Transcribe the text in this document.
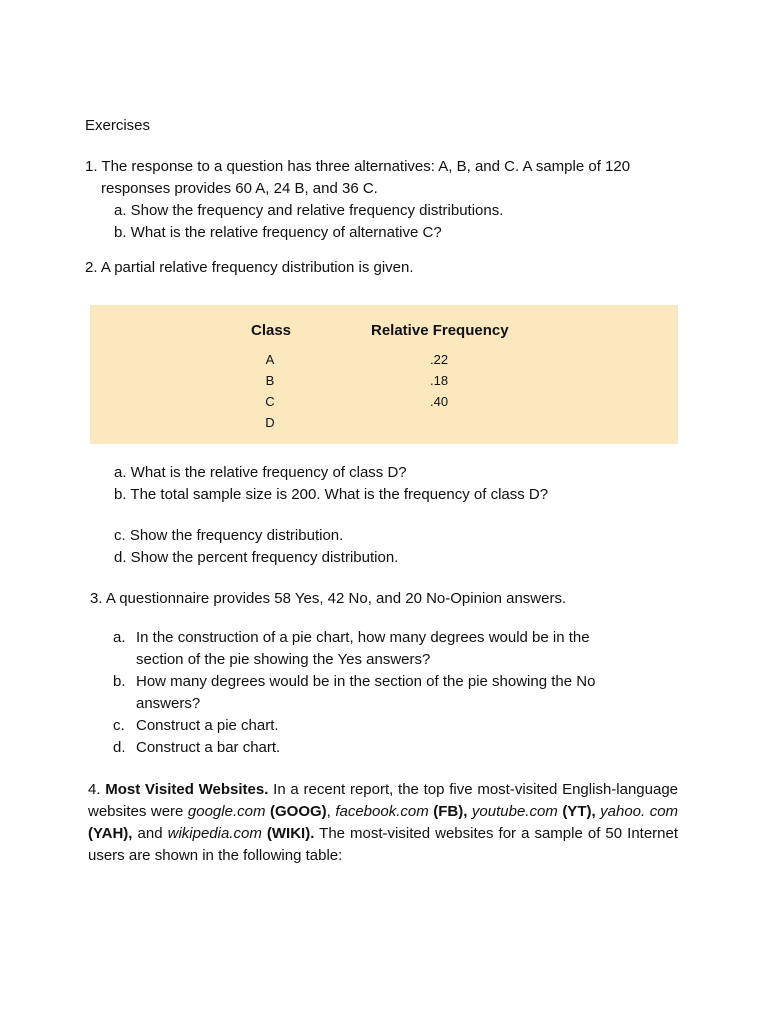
Exercises
1. The response to a question has three alternatives: A, B, and C. A sample of 120
responses provides 60 A, 24 B, and 36 C.
a. Show the frequency and relative frequency distributions.
b. What is the relative frequency of alternative C?
2. A partial relative frequency distribution is given.
Class	Relative Frequency
A	.22
B	.18
C	.40
D
a. What is the relative frequency of class D?
b. The total sample size is 200. What is the frequency of class D?
c. Show the frequency distribution.
d. Show the percent frequency distribution.
3. A questionnaire provides 58 Yes, 42 No, and 20 No-Opinion answers.
a. In the construction of a pie chart, how many degrees would be in the
section of the pie showing the Yes answers?
b. How many degrees would be in the section of the pie showing the No
answers?
c. Construct a pie chart.
d. Construct a bar chart.
4. Most Visited Websites. In a recent report, the top five most-visited English-language websites were google.com (GOOG), facebook.com (FB), youtube.com (YT), yahoo. com (YAH), and wikipedia.com (WIKI). The most-visited websites for a sample of 50 Internet users are shown in the following table:
